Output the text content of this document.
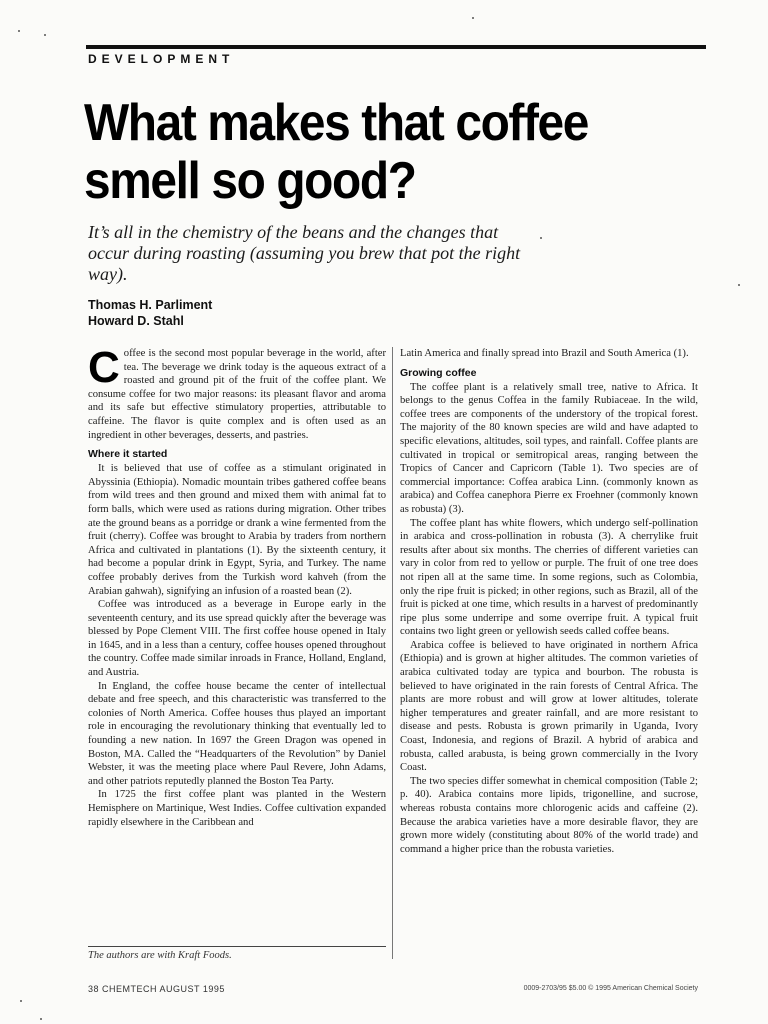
DEVELOPMENT
What makes that coffee
smell so good?

It’s all in the chemistry of the beans and the changes that occur during roasting (assuming you brew that pot the right way).

Thomas H. Parliment
Howard D. Stahl

Coffee is the second most popular beverage in the world, after tea. The beverage we drink today is the aqueous extract of a roasted and ground pit of the fruit of the coffee plant. We consume coffee for two major reasons: its pleasant flavor and aroma and its safe but effective stimulatory properties, attributable to caffeine. The flavor is quite complex and is often used as an ingredient in other beverages, desserts, and pastries.

Where it started

It is believed that use of coffee as a stimulant originated in Abyssinia (Ethiopia). Nomadic mountain tribes gathered coffee beans from wild trees and then ground and mixed them with animal fat to form balls, which were used as rations during migration. Other tribes ate the ground beans as a porridge or drank a wine fermented from the fruit (cherry). Coffee was brought to Arabia by traders from northern Africa and cultivated in plantations (1). By the sixteenth century, it had become a popular drink in Egypt, Syria, and Turkey. The name coffee probably derives from the Turkish word kahveh (from the Arabian gahwah), signifying an infusion of a roasted bean (2).

Coffee was introduced as a beverage in Europe early in the seventeenth century, and its use spread quickly after the beverage was blessed by Pope Clement VIII. The first coffee house opened in Italy in 1645, and in a less than a century, coffee houses opened throughout the country. Coffee made similar inroads in France, Holland, England, and Austria.

In England, the coffee house became the center of intellectual debate and free speech, and this characteristic was transferred to the colonies of North America. Coffee houses thus played an important role in encouraging the revolutionary thinking that eventually led to founding a new nation. In 1697 the Green Dragon was opened in Boston, MA. Called the “Headquarters of the Revolution” by Daniel Webster, it was the meeting place where Paul Revere, John Adams, and other patriots reputedly planned the Boston Tea Party.

In 1725 the first coffee plant was planted in the Western Hemisphere on Martinique, West Indies. Coffee cultivation expanded rapidly elsewhere in the Caribbean and

Latin America and finally spread into Brazil and South America (1).

Growing coffee

The coffee plant is a relatively small tree, native to Africa. It belongs to the genus Coffea in the family Rubiaceae. In the wild, coffee trees are components of the understory of the tropical forest. The majority of the 80 known species are wild and have adapted to specific elevations, altitudes, soil types, and rainfall. Coffee plants are cultivated in tropical or semitropical areas, ranging between the Tropics of Cancer and Capricorn (Table 1). Two species are of commercial importance: Coffea arabica Linn. (commonly known as arabica) and Coffea canephora Pierre ex Froehner (commonly known as robusta) (3).

The coffee plant has white flowers, which undergo self-pollination in arabica and cross-pollination in robusta (3). A cherrylike fruit results after about six months. The cherries of different varieties can vary in color from red to yellow or purple. The fruit of one tree does not ripen all at the same time. In some regions, such as Colombia, only the ripe fruit is picked; in other regions, such as Brazil, all of the fruit is picked at one time, which results in a harvest of predominantly ripe plus some underripe and some overripe fruit. A typical fruit contains two light green or yellowish seeds called coffee beans.

Arabica coffee is believed to have originated in northern Africa (Ethiopia) and is grown at higher altitudes. The common varieties of arabica cultivated today are typica and bourbon. The robusta is believed to have originated in the rain forests of Central Africa. The plants are more robust and will grow at lower altitudes, tolerate higher temperatures and greater rainfall, and are more resistant to disease and pests. Robusta is grown primarily in Uganda, Ivory Coast, Indonesia, and regions of Brazil. A hybrid of arabica and robusta, called arabusta, is being grown commercially in the Ivory Coast.

The two species differ somewhat in chemical composition (Table 2; p. 40). Arabica contains more lipids, trigonelline, and sucrose, whereas robusta contains more chlorogenic acids and caffeine (2). Because the arabica varieties have a more desirable flavor, they are grown more widely (constituting about 80% of the world trade) and command a higher price than the robusta varieties.

The authors are with Kraft Foods.
38 CHEMTECH AUGUST 1995	0009-2703/95 $5.00 © 1995 American Chemical Society
